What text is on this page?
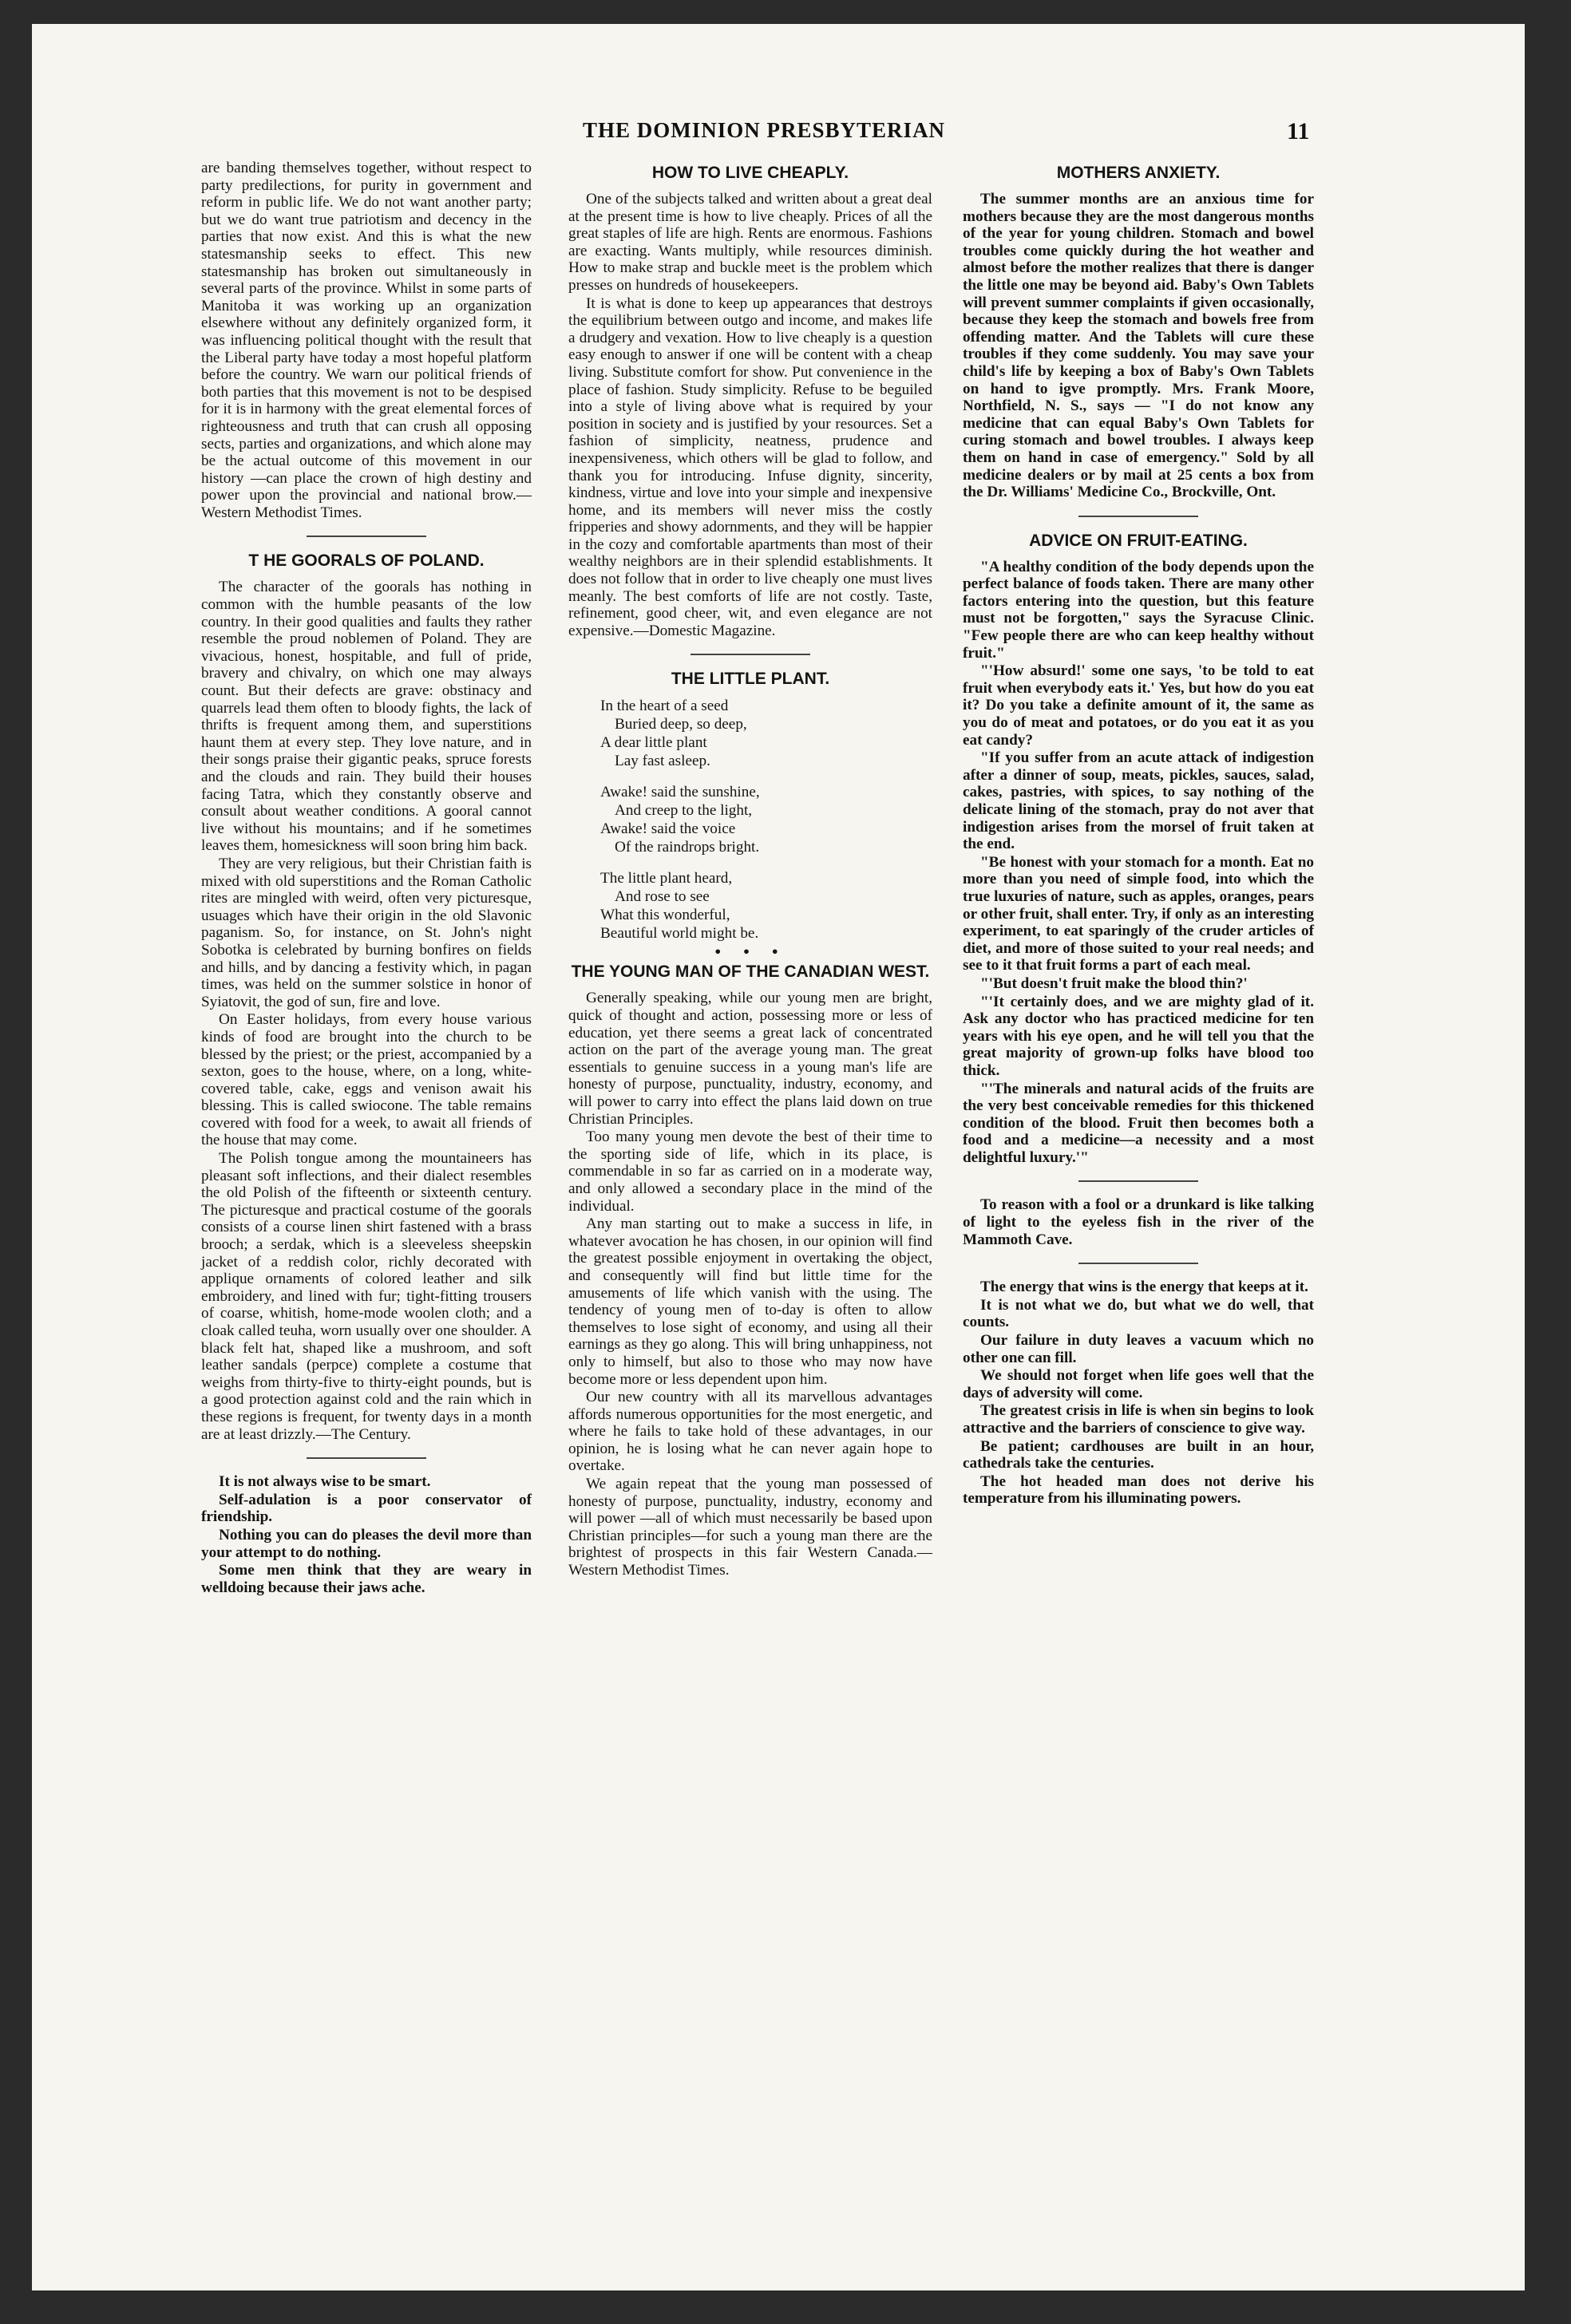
THE DOMINION PRESBYTERIAN	11

are banding themselves together, without respect to party predilections, for purity in government and reform in public life. We do not want another party; but we do want true patriotism and decency in the parties that now exist. And this is what the new statesmanship seeks to effect. This new statesmanship has broken out simultaneously in several parts of the province. Whilst in some parts of Manitoba it was working up an organization elsewhere without any definitely organized form, it was influencing political thought with the result that the Liberal party have today a most hopeful platform before the country. We warn our political friends of both parties that this movement is not to be despised for it is in harmony with the great elemental forces of righteousness and truth that can crush all opposing sects, parties and organizations, and which alone may be the actual outcome of this movement in our history —can place the crown of high destiny and power upon the provincial and national brow.—Western Methodist Times.

T HE GOORALS OF POLAND.

The character of the goorals has nothing in common with the humble peasants of the low country. In their good qualities and faults they rather resemble the proud noblemen of Poland. They are vivacious, honest, hospitable, and full of pride, bravery and chivalry, on which one may always count. But their defects are grave: obstinacy and quarrels lead them often to bloody fights, the lack of thrifts is frequent among them, and superstitions haunt them at every step. They love nature, and in their songs praise their gigantic peaks, spruce forests and the clouds and rain. They build their houses facing Tatra, which they constantly observe and consult about weather conditions. A gooral cannot live without his mountains; and if he sometimes leaves them, homesickness will soon bring him back.

They are very religious, but their Christian faith is mixed with old superstitions and the Roman Catholic rites are mingled with weird, often very picturesque, usuages which have their origin in the old Slavonic paganism. So, for instance, on St. John's night Sobotka is celebrated by burning bonfires on fields and hills, and by dancing a festivity which, in pagan times, was held on the summer solstice in honor of Syiatovit, the god of sun, fire and love.

On Easter holidays, from every house various kinds of food are brought into the church to be blessed by the priest; or the priest, accompanied by a sexton, goes to the house, where, on a long, white-covered table, cake, eggs and venison await his blessing. This is called swiocone. The table remains covered with food for a week, to await all friends of the house that may come.

The Polish tongue among the mountaineers has pleasant soft inflections, and their dialect resembles the old Polish of the fifteenth or sixteenth century. The picturesque and practical costume of the goorals consists of a course linen shirt fastened with a brass brooch; a serdak, which is a sleeveless sheepskin jacket of a reddish color, richly decorated with applique ornaments of colored leather and silk embroidery, and lined with fur; tight-fitting trousers of coarse, whitish, home-mode woolen cloth; and a cloak called teuha, worn usually over one shoulder. A black felt hat, shaped like a mushroom, and soft leather sandals (perpce) complete a costume that weighs from thirty-five to thirty-eight pounds, but is a good protection against cold and the rain which in these regions is frequent, for twenty days in a month are at least drizzly.—The Century.

It is not always wise to be smart.

Self-adulation is a poor conservator of friendship.

Nothing you can do pleases the devil more than your attempt to do nothing.

Some men think that they are weary in welldoing because their jaws ache.

HOW TO LIVE CHEAPLY.

One of the subjects talked and written about a great deal at the present time is how to live cheaply. Prices of all the great staples of life are high. Rents are enormous. Fashions are exacting. Wants multiply, while resources diminish. How to make strap and buckle meet is the problem which presses on hundreds of housekeepers.

It is what is done to keep up appearances that destroys the equilibrium between outgo and income, and makes life a drudgery and vexation. How to live cheaply is a question easy enough to answer if one will be content with a cheap living. Substitute comfort for show. Put convenience in the place of fashion. Study simplicity. Refuse to be beguiled into a style of living above what is required by your position in society and is justified by your resources. Set a fashion of simplicity, neatness, prudence and inexpensiveness, which others will be glad to follow, and thank you for introducing. Infuse dignity, sincerity, kindness, virtue and love into your simple and inexpensive home, and its members will never miss the costly fripperies and showy adornments, and they will be happier in the cozy and comfortable apartments than most of their wealthy neighbors are in their splendid establishments. It does not follow that in order to live cheaply one must lives meanly. The best comforts of life are not costly. Taste, refinement, good cheer, wit, and even elegance are not expensive.—Domestic Magazine.

THE LITTLE PLANT.
In the heart of a seed
Buried deep, so deep,
A dear little plant
Lay fast asleep.
Awake! said the sunshine,
And creep to the light,
Awake! said the voice
Of the raindrops bright.
The little plant heard,
And rose to see
What this wonderful,
Beautiful world might be.
• • •
THE YOUNG MAN OF THE CANADIAN WEST.

Generally speaking, while our young men are bright, quick of thought and action, possessing more or less of education, yet there seems a great lack of concentrated action on the part of the average young man. The great essentials to genuine success in a young man's life are honesty of purpose, punctuality, industry, economy, and will power to carry into effect the plans laid down on true Christian Principles.

Too many young men devote the best of their time to the sporting side of life, which in its place, is commendable in so far as carried on in a moderate way, and only allowed a secondary place in the mind of the individual.

Any man starting out to make a success in life, in whatever avocation he has chosen, in our opinion will find the greatest possible enjoyment in overtaking the object, and consequently will find but little time for the amusements of life which vanish with the using. The tendency of young men of to-day is often to allow themselves to lose sight of economy, and using all their earnings as they go along. This will bring unhappiness, not only to himself, but also to those who may now have become more or less dependent upon him.

Our new country with all its marvellous advantages affords numerous opportunities for the most energetic, and where he fails to take hold of these advantages, in our opinion, he is losing what he can never again hope to overtake.

We again repeat that the young man possessed of honesty of purpose, punctuality, industry, economy and will power —all of which must necessarily be based upon Christian principles—for such a young man there are the brightest of prospects in this fair Western Canada.—Western Methodist Times.

MOTHERS ANXIETY.

The summer months are an anxious time for mothers because they are the most dangerous months of the year for young children. Stomach and bowel troubles come quickly during the hot weather and almost before the mother realizes that there is danger the little one may be beyond aid. Baby's Own Tablets will prevent summer complaints if given occasionally, because they keep the stomach and bowels free from offending matter. And the Tablets will cure these troubles if they come suddenly. You may save your child's life by keeping a box of Baby's Own Tablets on hand to igve promptly. Mrs. Frank Moore, Northfield, N. S., says — "I do not know any medicine that can equal Baby's Own Tablets for curing stomach and bowel troubles. I always keep them on hand in case of emergency." Sold by all medicine dealers or by mail at 25 cents a box from the Dr. Williams' Medicine Co., Brockville, Ont.

ADVICE ON FRUIT-EATING.

"A healthy condition of the body depends upon the perfect balance of foods taken. There are many other factors entering into the question, but this feature must not be forgotten," says the Syracuse Clinic. "Few people there are who can keep healthy without fruit."

"'How absurd!' some one says, 'to be told to eat fruit when everybody eats it.' Yes, but how do you eat it? Do you take a definite amount of it, the same as you do of meat and potatoes, or do you eat it as you eat candy?

"If you suffer from an acute attack of indigestion after a dinner of soup, meats, pickles, sauces, salad, cakes, pastries, with spices, to say nothing of the delicate lining of the stomach, pray do not aver that indigestion arises from the morsel of fruit taken at the end.

"Be honest with your stomach for a month. Eat no more than you need of simple food, into which the true luxuries of nature, such as apples, oranges, pears or other fruit, shall enter. Try, if only as an interesting experiment, to eat sparingly of the cruder articles of diet, and more of those suited to your real needs; and see to it that fruit forms a part of each meal.

"'But doesn't fruit make the blood thin?'

"'It certainly does, and we are mighty glad of it. Ask any doctor who has practiced medicine for ten years with his eye open, and he will tell you that the great majority of grown-up folks have blood too thick.

"'The minerals and natural acids of the fruits are the very best conceivable remedies for this thickened condition of the blood. Fruit then becomes both a food and a medicine—a necessity and a most delightful luxury.'"

To reason with a fool or a drunkard is like talking of light to the eyeless fish in the river of the Mammoth Cave.

The energy that wins is the energy that keeps at it.

It is not what we do, but what we do well, that counts.

Our failure in duty leaves a vacuum which no other one can fill.

We should not forget when life goes well that the days of adversity will come.

The greatest crisis in life is when sin begins to look attractive and the barriers of conscience to give way.

Be patient; cardhouses are built in an hour, cathedrals take the centuries.

The hot headed man does not derive his temperature from his illuminating powers.
